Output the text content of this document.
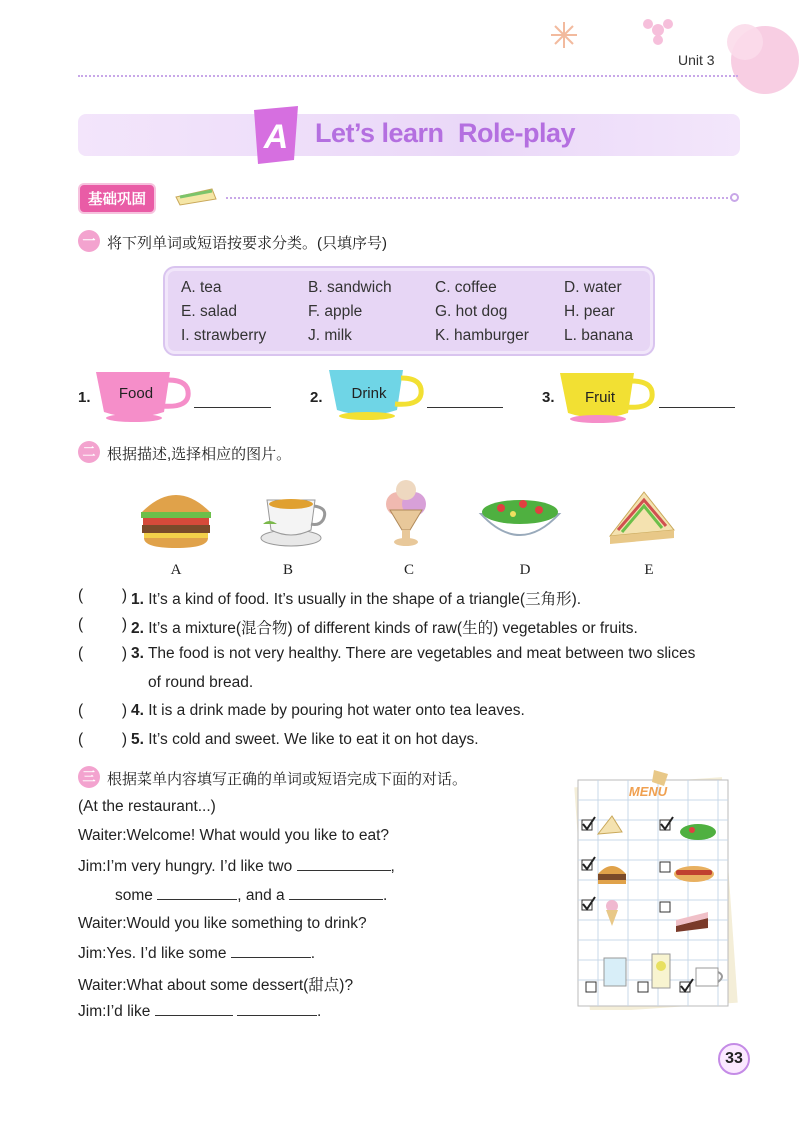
Unit 3
A Let’s learn Role-play
基础巩固
一 将下列单词或短语按要求分类。(只填序号)
A. tea	B. sandwich	C. coffee	D. water
E. salad	F. apple	G. hot dog	H. pear
I. strawberry	J. milk	K. hamburger L. banana
1.	Food	2.	Drink	3.	Fruit
二 根据描述,选择相应的图片。
A	B	C	D	E
(         ) 1. It’s a kind of food. It’s usually in the shape of a triangle(三角形).
(         ) 2. It’s a mixture(混合物) of different kinds of raw(生的) vegetables or fruits.
(         ) 3. The food is not very healthy. There are vegetables and meat between two slices
of round bread.
(         ) 4. It is a drink made by pouring hot water onto tea leaves.
(         ) 5. It’s cold and sweet. We like to eat it on hot days.
三 根据菜单内容填写正确的单词或短语完成下面的对话。
(At the restaurant...)
Waiter:Welcome! What would you like to eat?
Jim:I’m very hungry. I’d like two	,
some	, and a	.
Waiter:Would you like something to drink?
Jim:Yes. I’d like some	.
Waiter:What about some dessert(甜点)?
Jim:I’d like	.
MENU
33
